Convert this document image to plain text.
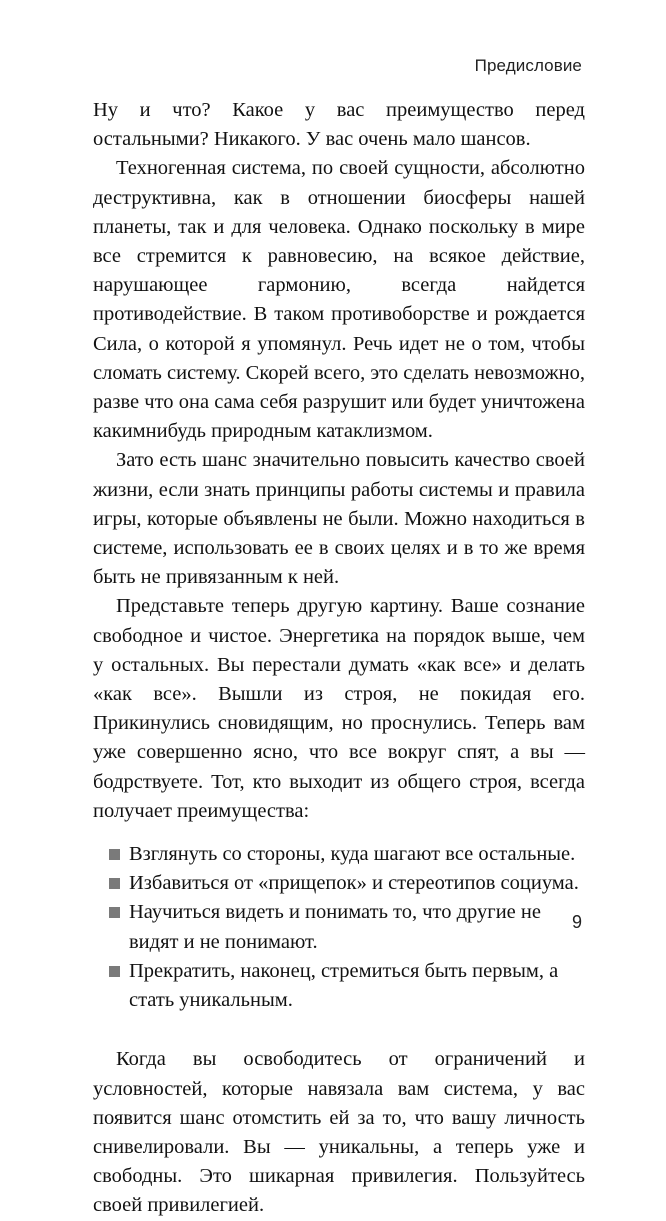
Предисловие

Ну и что? Какое у вас преимущество перед остальными? Никакого. У вас очень мало шансов.

Техногенная система, по своей сущности, абсолютно деструктивна, как в отношении биосферы нашей планеты, так и для человека. Однако поскольку в мире все стремится к равновесию, на всякое действие, нарушающее гармонию, всегда найдется противодействие. В таком противоборстве и рождается Сила, о которой я упомянул. Речь идет не о том, чтобы сломать систему. Скорей всего, это сделать невозможно, разве что она сама себя разрушит или будет уничтожена какимнибудь природным катаклизмом.

Зато есть шанс значительно повысить качество своей жизни, если знать принципы работы системы и правила игры, которые объявлены не были. Можно находиться в системе, использовать ее в своих целях и в то же время быть не привязанным к ней.

Представьте теперь другую картину. Ваше сознание свободное и чистое. Энергетика на порядок выше, чем у остальных. Вы перестали думать «как все» и делать «как все». Вышли из строя, не покидая его. Прикинулись сновидящим, но проснулись. Теперь вам уже совершенно ясно, что все вокруг спят, а вы — бодрствуете. Тот, кто выходит из общего строя, всегда получает преимущества:

Взглянуть со стороны, куда шагают все остальные.
Избавиться от «прищепок» и стереотипов социума.
Научиться видеть и понимать то, что другие не видят и не понимают.
Прекратить, наконец, стремиться быть первым, а стать уникальным.

Когда вы освободитесь от ограничений и условностей, которые навязала вам система, у вас появится шанс отомстить ей за то, что вашу личность снивелировали. Вы — уникальны, а теперь уже и свободны. Это шикарная привилегия. Пользуйтесь своей привилегией.

9
